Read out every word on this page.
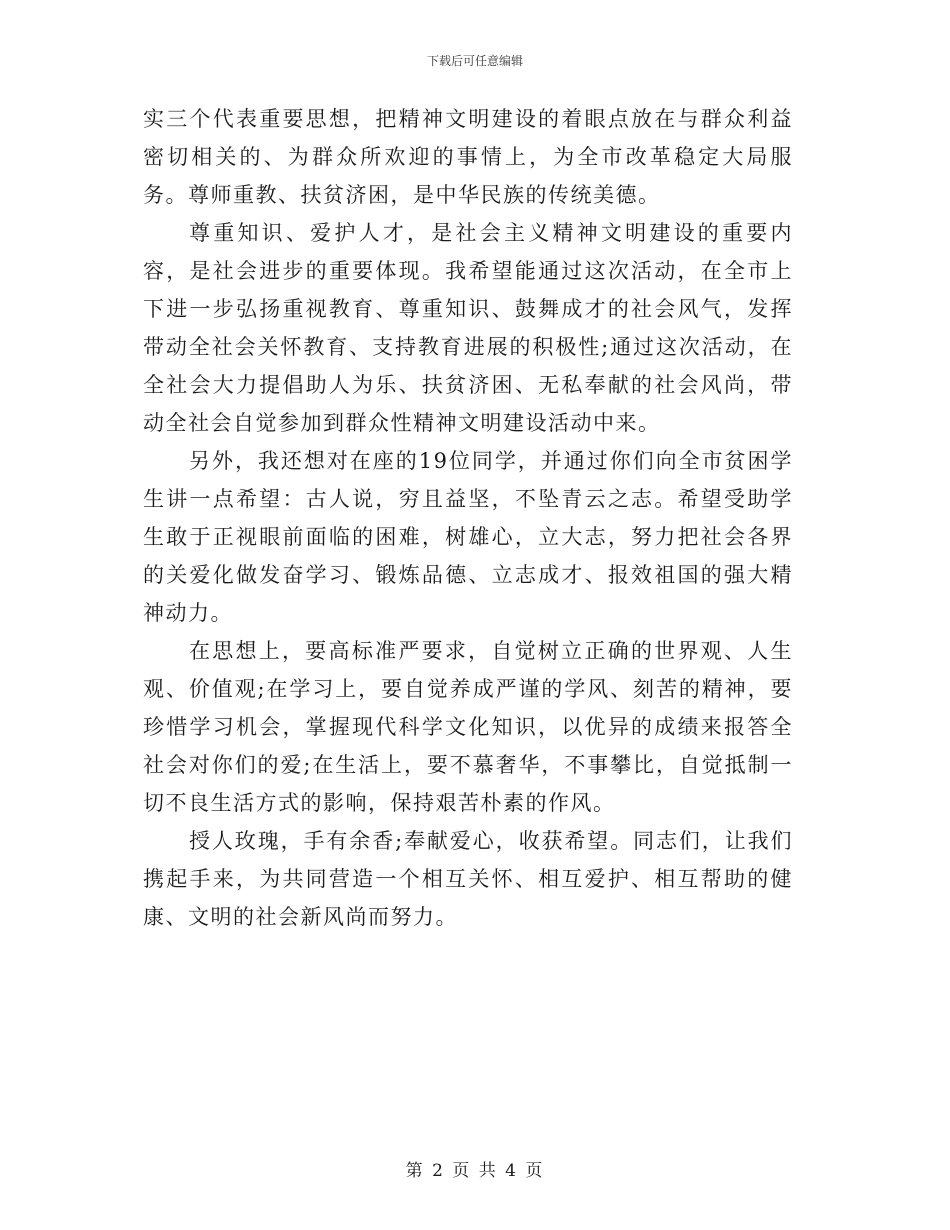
下载后可任意编辑

实三个代表重要思想，把精神文明建设的着眼点放在与群众利益密切相关的、为群众所欢迎的事情上，为全市改革稳定大局服务。尊师重教、扶贫济困，是中华民族的传统美德。

尊重知识、爱护人才，是社会主义精神文明建设的重要内容，是社会进步的重要体现。我希望能通过这次活动，在全市上下进一步弘扬重视教育、尊重知识、鼓舞成才的社会风气，发挥带动全社会关怀教育、支持教育进展的积极性;通过这次活动，在全社会大力提倡助人为乐、扶贫济困、无私奉献的社会风尚，带动全社会自觉参加到群众性精神文明建设活动中来。

另外，我还想对在座的19位同学，并通过你们向全市贫困学生讲一点希望：古人说，穷且益坚，不坠青云之志。希望受助学生敢于正视眼前面临的困难，树雄心，立大志，努力把社会各界的关爱化做发奋学习、锻炼品德、立志成才、报效祖国的强大精神动力。

在思想上，要高标准严要求，自觉树立正确的世界观、人生观、价值观;在学习上，要自觉养成严谨的学风、刻苦的精神，要珍惜学习机会，掌握现代科学文化知识，以优异的成绩来报答全社会对你们的爱;在生活上，要不慕奢华，不事攀比，自觉抵制一切不良生活方式的影响，保持艰苦朴素的作风。

授人玫瑰，手有余香;奉献爱心，收获希望。同志们，让我们携起手来，为共同营造一个相互关怀、相互爱护、相互帮助的健康、文明的社会新风尚而努力。

第 2 页 共 4 页
